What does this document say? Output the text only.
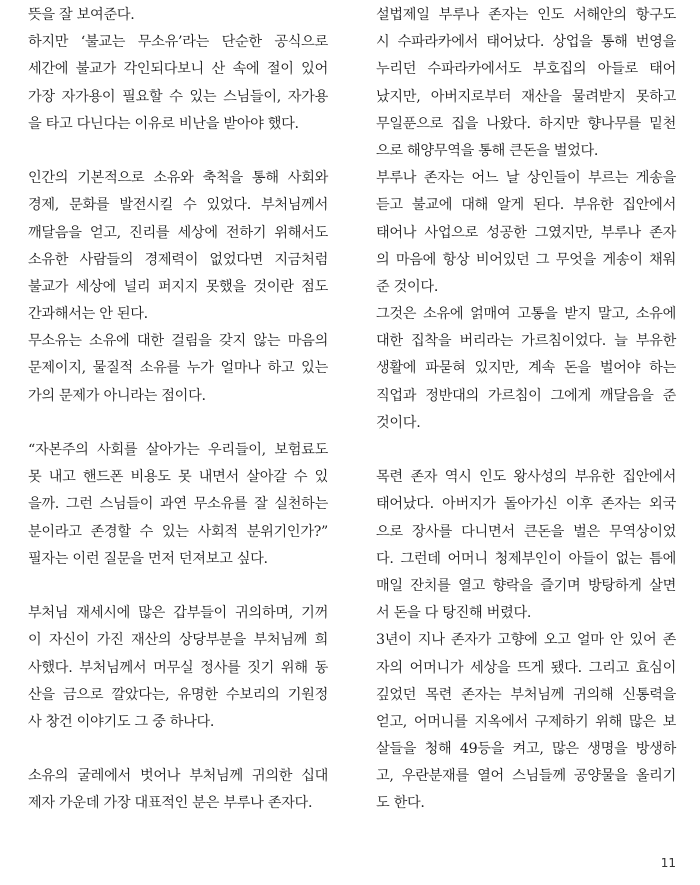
뜻을 잘 보여준다.
하지만 ‘불교는 무소유’라는 단순한 공식으로
세간에 불교가 각인되다보니 산 속에 절이 있어
가장 자가용이 필요할 수 있는 스님들이, 자가용
을 타고 다닌다는 이유로 비난을 받아야 했다.
인간의 기본적으로 소유와 축척을 통해 사회와
경제, 문화를 발전시킬 수 있었다. 부처님께서
깨달음을 얻고, 진리를 세상에 전하기 위해서도
소유한 사람들의 경제력이 없었다면 지금처럼
불교가 세상에 널리 퍼지지 못했을 것이란 점도
간과해서는 안 된다.
무소유는 소유에 대한 걸림을 갖지 않는 마음의
문제이지, 물질적 소유를 누가 얼마나 하고 있는
가의 문제가 아니라는 점이다.
“자본주의 사회를 살아가는 우리들이, 보험료도
못 내고 핸드폰 비용도 못 내면서 살아갈 수 있
을까. 그런 스님들이 과연 무소유를 잘 실천하는
분이라고 존경할 수 있는 사회적 분위기인가?”
필자는 이런 질문을 먼저 던져보고 싶다.
부처님 재세시에 많은 갑부들이 귀의하며, 기꺼
이 자신이 가진 재산의 상당부분을 부처님께 희
사했다. 부처님께서 머무실 정사를 짓기 위해 동
산을 금으로 깔았다는, 유명한 수보리의 기원정
사 창건 이야기도 그 중 하나다.
소유의 굴레에서 벗어나 부처님께 귀의한 십대
제자 가운데 가장 대표적인 분은 부루나 존자다.
설법제일 부루나 존자는 인도 서해안의 항구도
시 수파라카에서 태어났다. 상업을 통해 번영을
누리던 수파라카에서도 부호집의 아들로 태어
났지만, 아버지로부터 재산을 물려받지 못하고
무일푼으로 집을 나왔다. 하지만 향나무를 밑천
으로 해양무역을 통해 큰돈을 벌었다.
부루나 존자는 어느 날 상인들이 부르는 게송을
듣고 불교에 대해 알게 된다. 부유한 집안에서
태어나 사업으로 성공한 그였지만, 부루나 존자
의 마음에 항상 비어있던 그 무엇을 게송이 채워
준 것이다.
그것은 소유에 얽매여 고통을 받지 말고, 소유에
대한 집착을 버리라는 가르침이었다. 늘 부유한
생활에 파묻혀 있지만, 계속 돈을 벌어야 하는
직업과 정반대의 가르침이 그에게 깨달음을 준
것이다.
목련 존자 역시 인도 왕사성의 부유한 집안에서
태어났다. 아버지가 돌아가신 이후 존자는 외국
으로 장사를 다니면서 큰돈을 벌은 무역상이었
다. 그런데 어머니 청제부인이 아들이 없는 틈에
매일 잔치를 열고 향락을 즐기며 방탕하게 살면
서 돈을 다 탕진해 버렸다.
3년이 지나 존자가 고향에 오고 얼마 안 있어 존
자의 어머니가 세상을 뜨게 됐다. 그리고 효심이
깊었던 목련 존자는 부처님께 귀의해 신통력을
얻고, 어머니를 지옥에서 구제하기 위해 많은 보
살들을 청해 49등을 켜고, 많은 생명을 방생하
고, 우란분재를 열어 스님들께 공양물을 올리기
도 한다.
11
